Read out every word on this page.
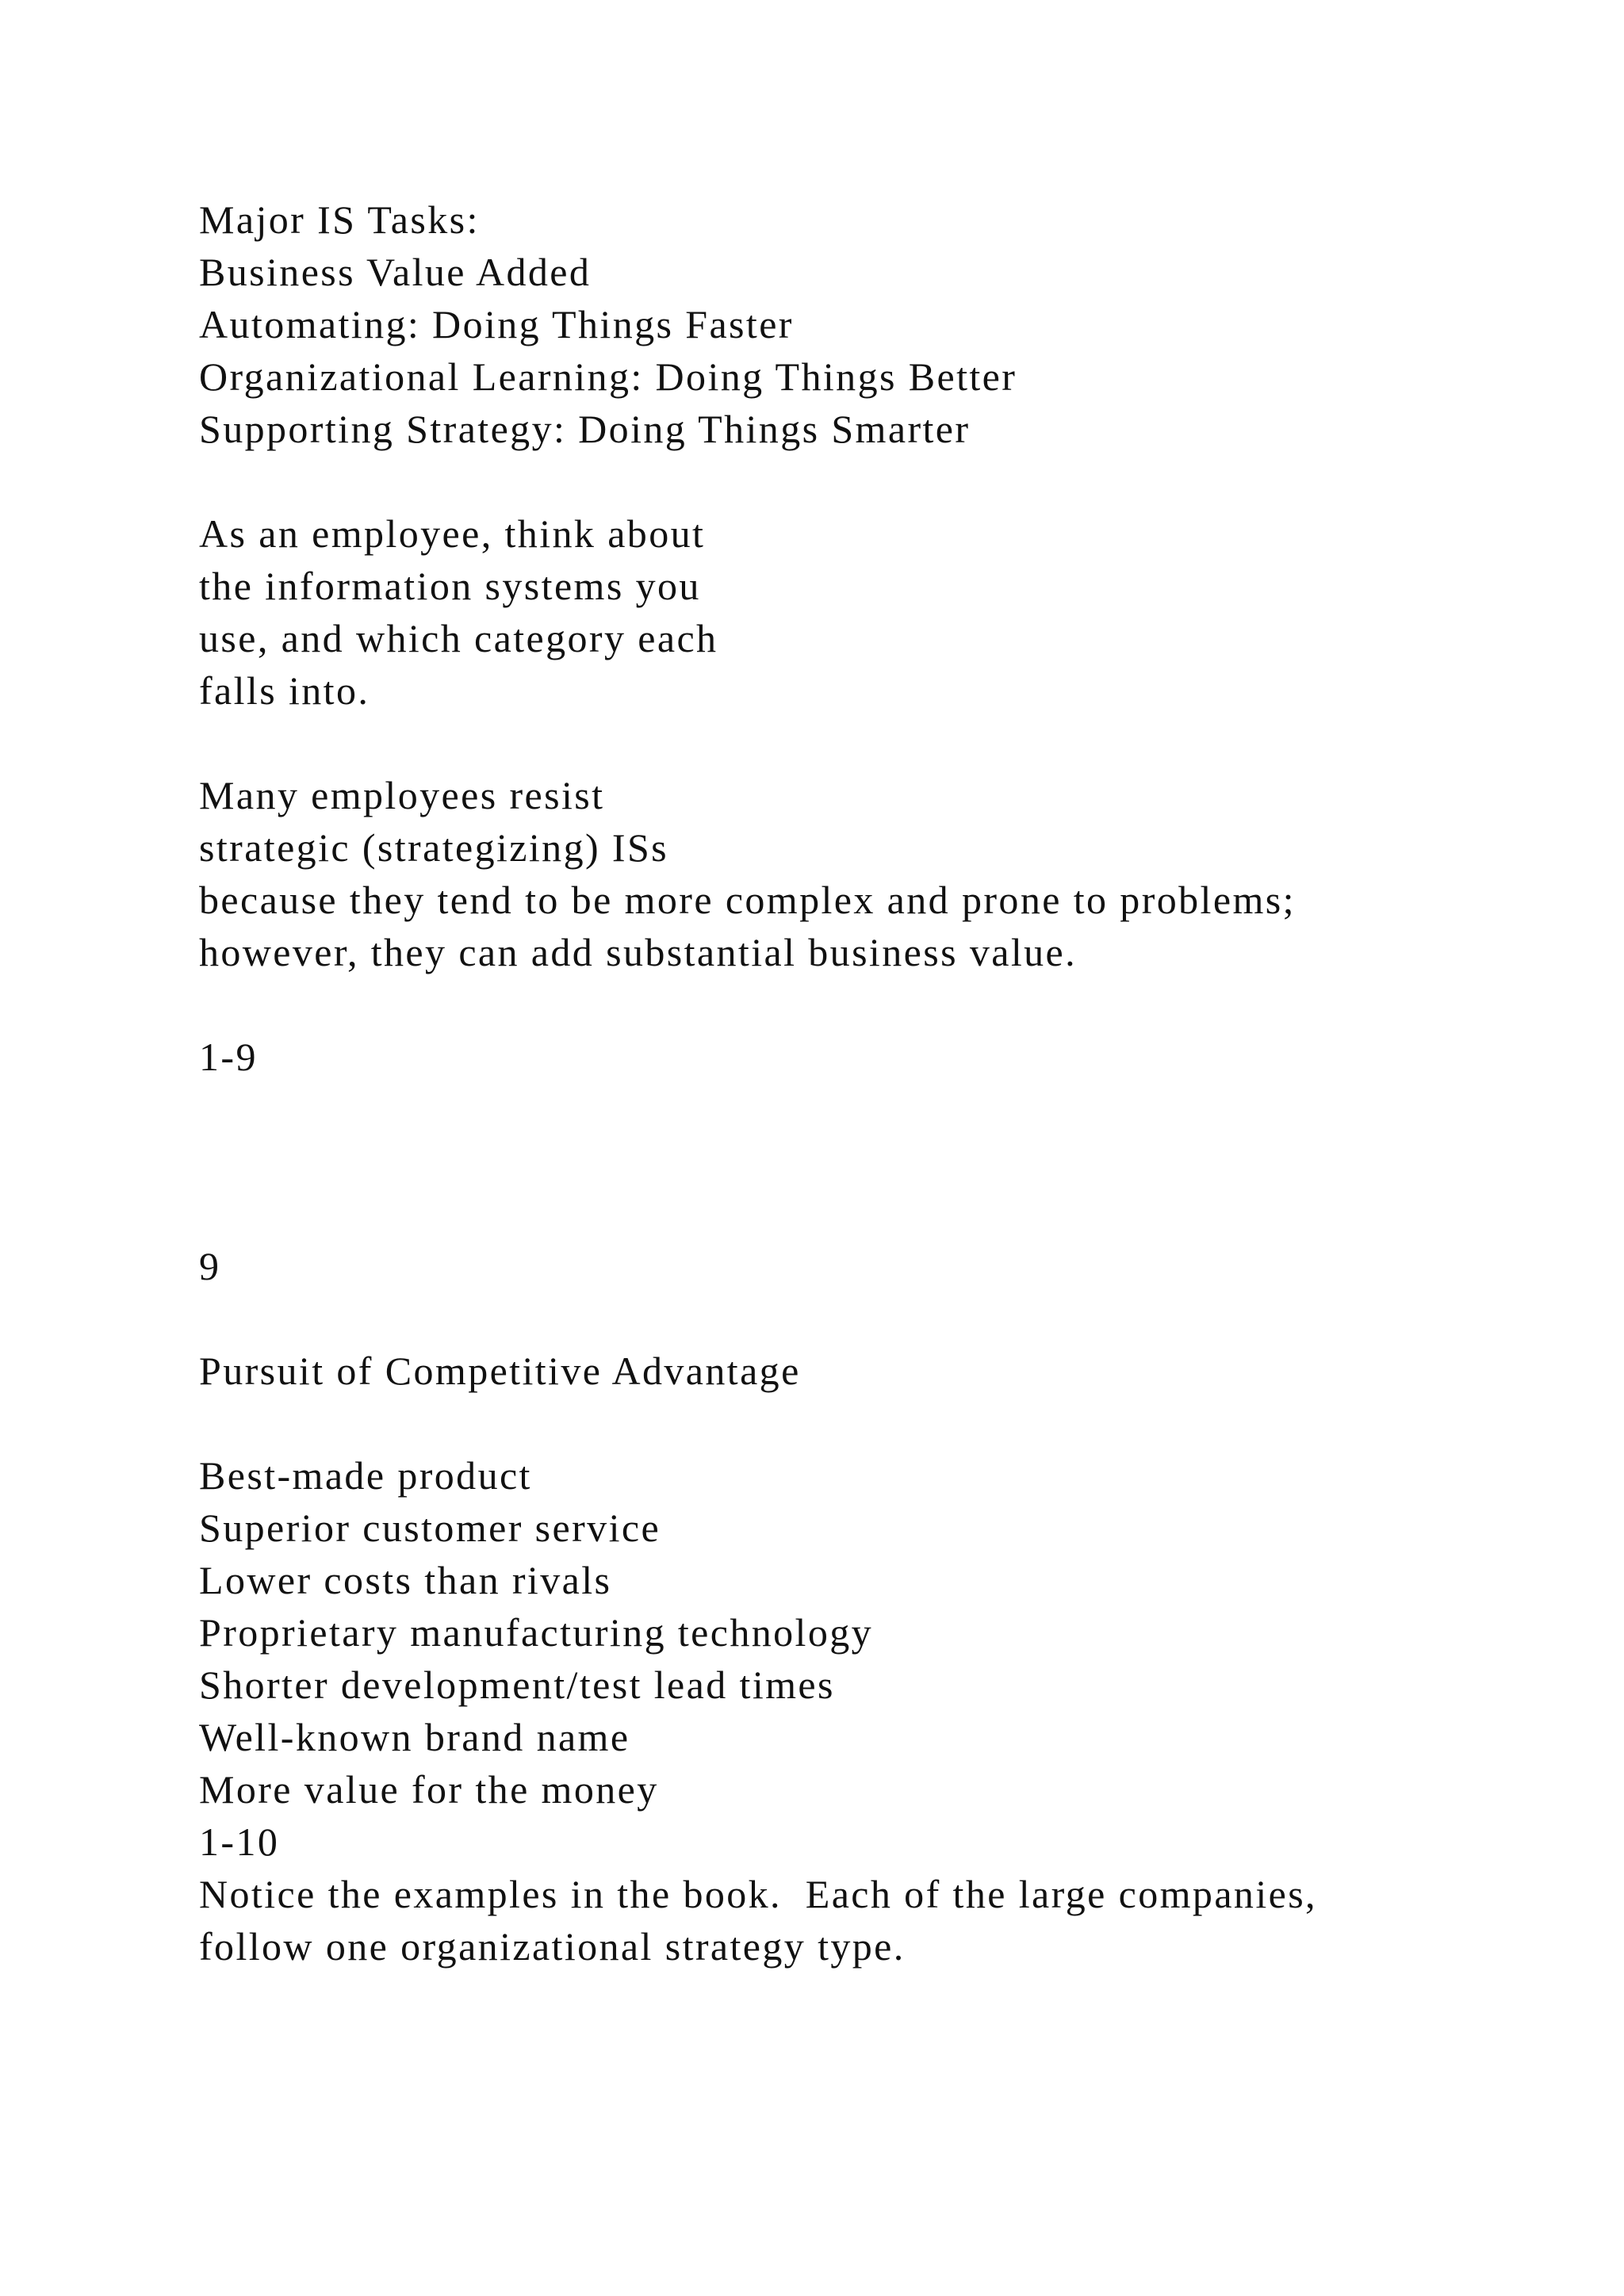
Major IS Tasks:
Business Value Added
Automating: Doing Things Faster
Organizational Learning: Doing Things Better
Supporting Strategy: Doing Things Smarter
As an employee, think about
the information systems you
use, and which category each
falls into.
Many employees resist
strategic (strategizing) ISs
because they tend to be more complex and prone to problems;
however, they can add substantial business value.
1-9
9
Pursuit of Competitive Advantage
Best-made product
Superior customer service
Lower costs than rivals
Proprietary manufacturing technology
Shorter development/test lead times
Well-known brand name
More value for the money
1-10
Notice the examples in the book.  Each of the large companies,
follow one organizational strategy type.
